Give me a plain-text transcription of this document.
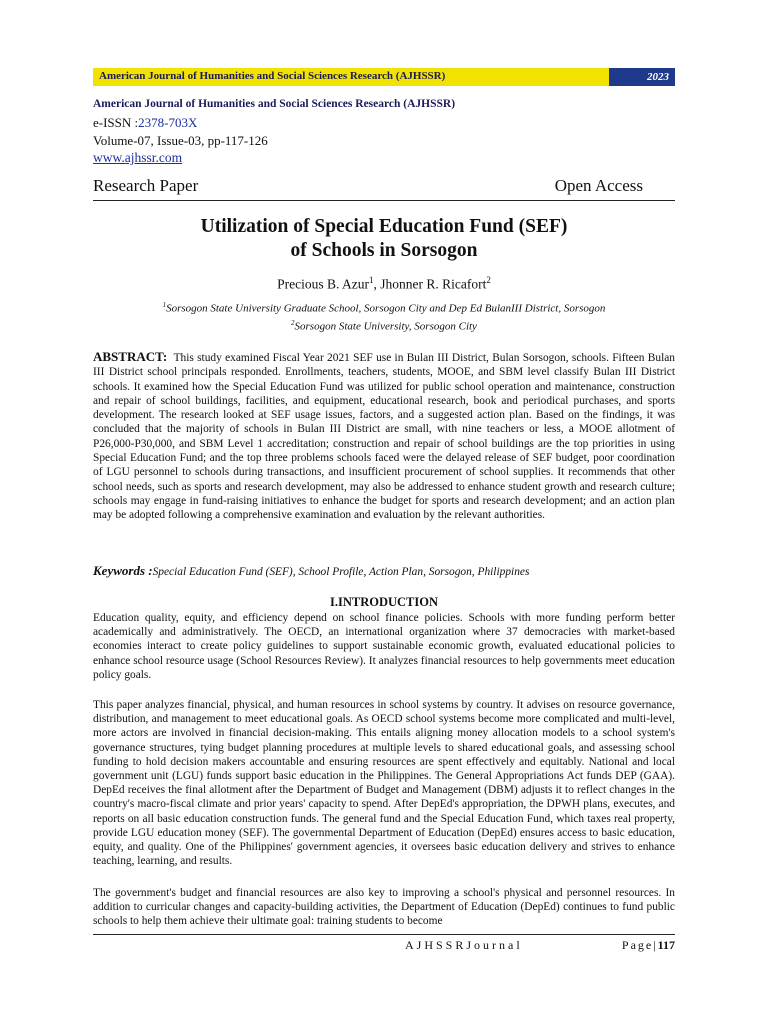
American Journal of Humanities and Social Sciences Research (AJHSSR)	2023
American Journal of Humanities and Social Sciences Research (AJHSSR)
e-ISSN :2378-703X
Volume-07, Issue-03, pp-117-126
www.ajhssr.com
Research Paper	Open Access
Utilization of Special Education Fund (SEF)
of Schools in Sorsogon
Precious B. Azur$^1$, Jhonner R. Ricafort$^2$
$^1$Sorsogon State University Graduate School, Sorsogon City and Dep Ed BulanIII District, Sorsogon
$^2$Sorsogon State University, Sorsogon City
ABSTRACT: This study examined Fiscal Year 2021 SEF use in Bulan III District, Bulan Sorsogon, schools. Fifteen Bulan III District school principals responded. Enrollments, teachers, students, MOOE, and SBM level classify Bulan III District schools. It examined how the Special Education Fund was utilized for public school operation and maintenance, construction and repair of school buildings, facilities, and equipment, educational research, book and periodical purchases, and sports development. The research looked at SEF usage issues, factors, and a suggested action plan. Based on the findings, it was concluded that the majority of schools in Bulan III District are small, with nine teachers or less, a MOOE allotment of P26,000-P30,000, and SBM Level 1 accreditation; construction and repair of school buildings are the top priorities in using Special Education Fund; and the top three problems schools faced were the delayed release of SEF budget, poor coordination of LGU personnel to schools during transactions, and insufficient procurement of school supplies. It recommends that other school needs, such as sports and research development, may also be addressed to enhance student growth and research culture; schools may engage in fund-raising initiatives to enhance the budget for sports and research development; and an action plan may be adopted following a comprehensive examination and evaluation by the relevant authorities.
Keywords :Special Education Fund (SEF), School Profile, Action Plan, Sorsogon, Philippines
I.INTRODUCTION
Education quality, equity, and efficiency depend on school finance policies. Schools with more funding perform better academically and administratively. The OECD, an international organization where 37 democracies with market-based economies interact to create policy guidelines to support sustainable economic growth, evaluated educational policies to enhance school resource usage (School Resources Review). It analyzes financial resources to help governments meet education policy goals.
This paper analyzes financial, physical, and human resources in school systems by country. It advises on resource governance, distribution, and management to meet educational goals. As OECD school systems become more complicated and multi-level, more actors are involved in financial decision-making. This entails aligning money allocation models to a school system's governance structures, tying budget planning procedures at multiple levels to shared educational goals, and assessing school funding to hold decision makers accountable and ensuring resources are spent effectively and equitably. National and local government unit (LGU) funds support basic education in the Philippines. The General Appropriations Act funds DEP (GAA). DepEd receives the final allotment after the Department of Budget and Management (DBM) adjusts it to reflect changes in the country's macro-fiscal climate and prior years' capacity to spend. After DepEd's appropriation, the DPWH plans, executes, and reports on all basic education construction funds. The general fund and the Special Education Fund, which taxes real property, provide LGU education money (SEF). The governmental Department of Education (DepEd) ensures access to basic education, equity, and quality. One of the Philippines' government agencies, it oversees basic education delivery and strives to enhance teaching, learning, and results.
The government's budget and financial resources are also key to improving a school's physical and personnel resources. In addition to curricular changes and capacity-building activities, the Department of Education (DepEd) continues to fund public schools to help them achieve their ultimate goal: training students to become
AJHSSRJournal	Page|117
